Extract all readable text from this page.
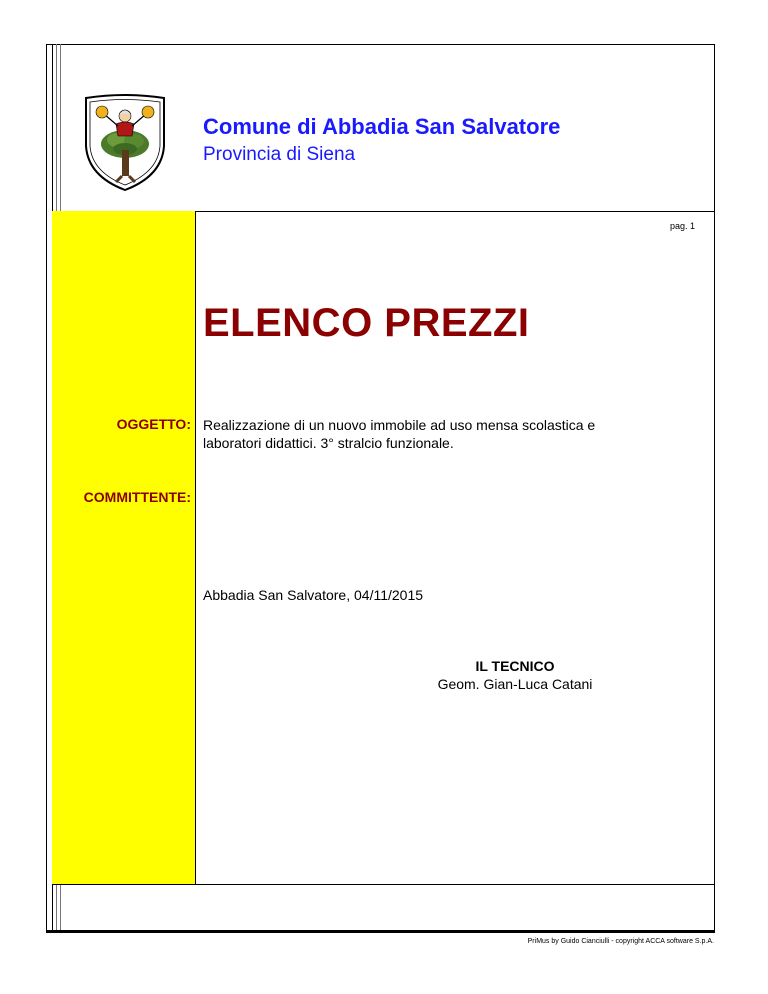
Comune di Abbadia San Salvatore
Provincia di Siena
pag. 1
ELENCO PREZZI
OGGETTO: Realizzazione di un nuovo immobile ad uso mensa scolastica e laboratori didattici. 3° stralcio funzionale.
COMMITTENTE:
Abbadia San Salvatore, 04/11/2015
IL TECNICO
Geom. Gian-Luca Catani
PriMus by Guido Cianciulli - copyright ACCA software S.p.A.
